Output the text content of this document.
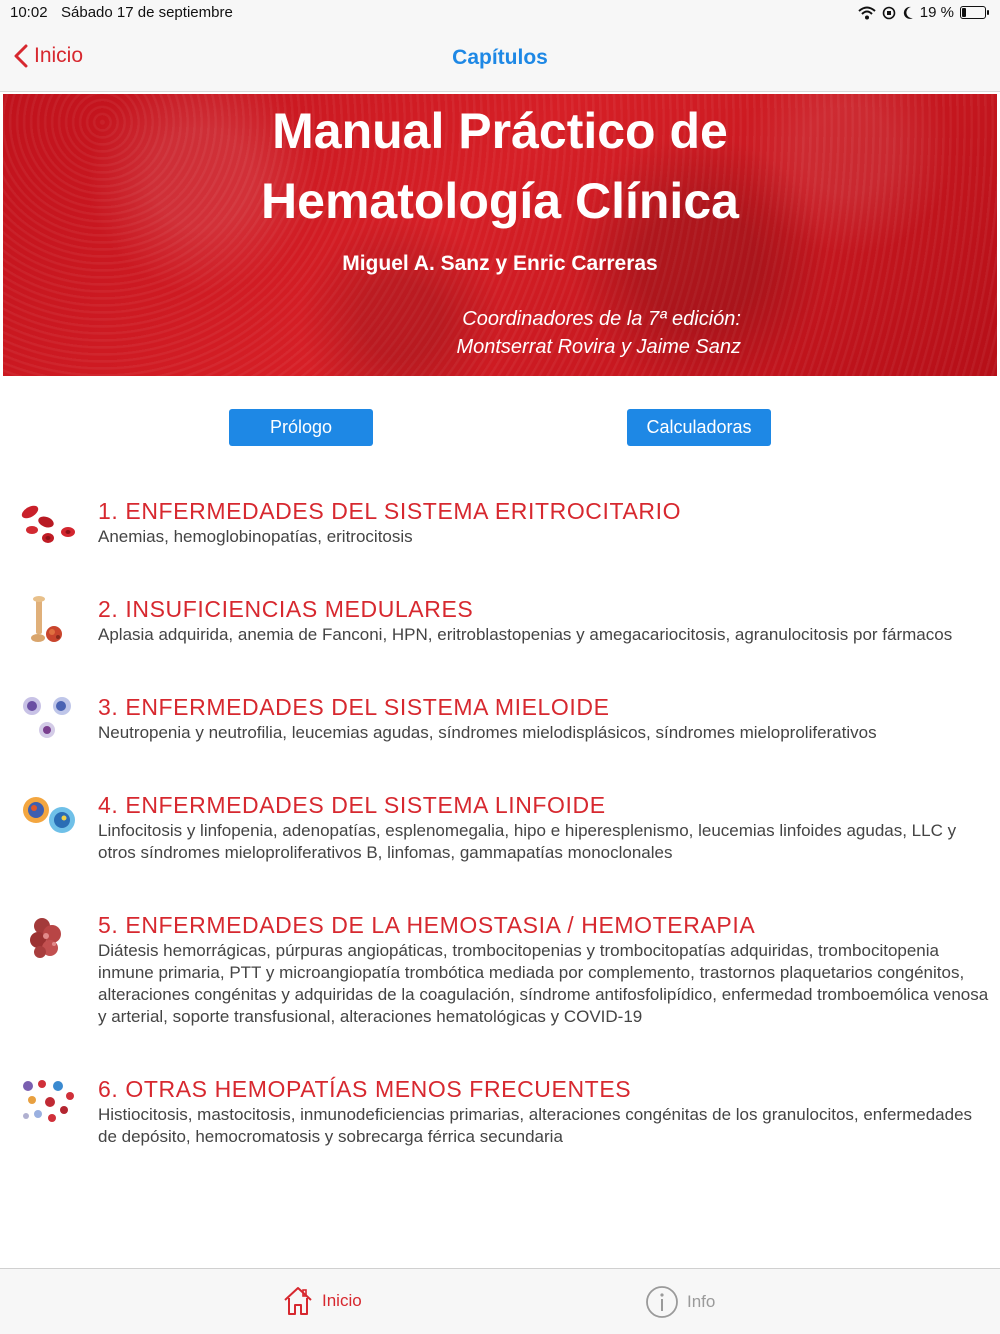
10:02 Sábado 17 de septiembre	19 %
Inicio	Capítulos
Manual Práctico de
Hematología Clínica
Miguel A. Sanz y Enric Carreras
Coordinadores de la 7ª edición:
Montserrat Rovira y Jaime Sanz
Prólogo	Calculadoras
1. ENFERMEDADES DEL SISTEMA ERITROCITARIO
Anemias, hemoglobinopatías, eritrocitosis
2. INSUFICIENCIAS MEDULARES
Aplasia adquirida, anemia de Fanconi, HPN, eritroblastopenias y amegacariocitosis, agranulocitosis por fármacos
3. ENFERMEDADES DEL SISTEMA MIELOIDE
Neutropenia y neutrofilia, leucemias agudas, síndromes mielodisplásicos, síndromes mieloproliferativos
4. ENFERMEDADES DEL SISTEMA LINFOIDE
Linfocitosis y linfopenia, adenopatías, esplenomegalia, hipo e hiperesplenismo, leucemias linfoides agudas, LLC y otros síndromes mieloproliferativos B, linfomas, gammapatías monoclonales
5. ENFERMEDADES DE LA HEMOSTASIA / HEMOTERAPIA
Diátesis hemorrágicas, púrpuras angiopáticas, trombocitopenias y trombocitopatías adquiridas, trombocitopenia inmune primaria, PTT y microangiopatía trombótica mediada por complemento, trastornos plaquetarios congénitos, alteraciones congénitas y adquiridas de la coagulación, síndrome antifosfolipídico, enfermedad tromboemólica venosa y arterial, soporte transfusional, alteraciones hematológicas y COVID-19
6. OTRAS HEMOPATÍAS MENOS FRECUENTES
Histiocitosis, mastocitosis, inmunodeficiencias primarias, alteraciones congénitas de los granulocitos, enfermedades de depósito, hemocromatosis y sobrecarga férrica secundaria
Inicio	Info
